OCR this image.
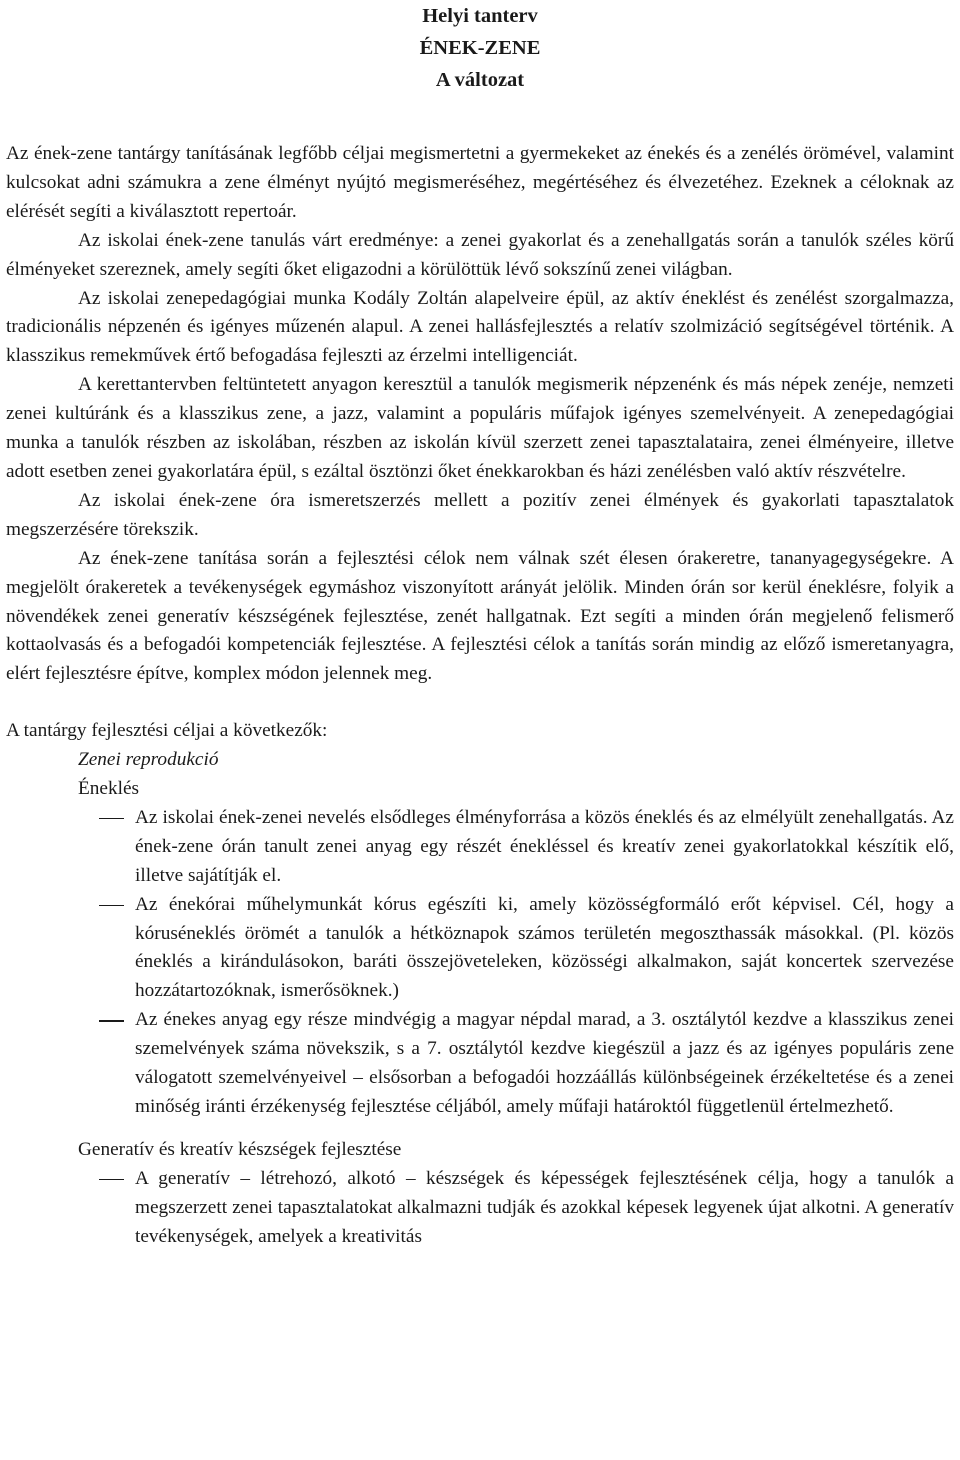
Helyi tanterv
ÉNEK-ZENE
A változat

Az ének-zene tantárgy tanításának legfőbb céljai megismertetni a gyermekeket az énekés és a zenélés örömével, valamint kulcsokat adni számukra a zene élményt nyújtó megismeréséhez, megértéséhez és élvezetéhez. Ezeknek a céloknak az elérését segíti a kiválasztott repertoár.

Az iskolai ének-zene tanulás várt eredménye: a zenei gyakorlat és a zenehallgatás során a tanulók széles körű élményeket szereznek, amely segíti őket eligazodni a körülöttük lévő sokszínű zenei világban.

Az iskolai zenepedagógiai munka Kodály Zoltán alapelveire épül, az aktív éneklést és zenélést szorgalmazza, tradicionális népzenén és igényes műzenén alapul. A zenei hallásfejlesztés a relatív szolmizáció segítségével történik. A klasszikus remekművek értő befogadása fejleszti az érzelmi intelligenciát.

A kerettantervben feltüntetett anyagon keresztül a tanulók megismerik népzenénk és más népek zenéje, nemzeti zenei kultúránk és a klasszikus zene, a jazz, valamint a populáris műfajok igényes szemelvényeit. A zenepedagógiai munka a tanulók részben az iskolában, részben az iskolán kívül szerzett zenei tapasztalataira, zenei élményeire, illetve adott esetben zenei gyakorlatára épül, s ezáltal ösztönzi őket énekkarokban és házi zenélésben való aktív részvételre.

Az iskolai ének-zene óra ismeretszerzés mellett a pozitív zenei élmények és gyakorlati tapasztalatok megszerzésére törekszik.

Az ének-zene tanítása során a fejlesztési célok nem válnak szét élesen órakeretre, tananyagegységekre. A megjelölt órakeretek a tevékenységek egymáshoz viszonyított arányát jelölik. Minden órán sor kerül éneklésre, folyik a növendékek zenei generatív készségének fejlesztése, zenét hallgatnak. Ezt segíti a minden órán megjelenő felismerő kottaolvasás és a befogadói kompetenciák fejlesztése. A fejlesztési célok a tanítás során mindig az előző ismeretanyagra, elért fejlesztésre építve, komplex módon jelennek meg.

A tantárgy fejlesztési céljai a következők:

Zenei reprodukció

Éneklés

Az iskolai ének-zenei nevelés elsődleges élményforrása a közös éneklés és az elmélyült zenehallgatás. Az ének-zene órán tanult zenei anyag egy részét énekléssel és kreatív zenei gyakorlatokkal készítik elő, illetve sajátítják el.
Az énekórai műhelymunkát kórus egészíti ki, amely közösségformáló erőt képvisel. Cél, hogy a kóruséneklés örömét a tanulók a hétköznapok számos területén megoszthassák másokkal. (Pl. közös éneklés a kirándulásokon, baráti összejöveteleken, közösségi alkalmakon, saját koncertek szervezése hozzátartozóknak, ismerősöknek.)
Az énekes anyag egy része mindvégig a magyar népdal marad, a 3. osztálytól kezdve a klasszikus zenei szemelvények száma növekszik, s a 7. osztálytól kezdve kiegészül a jazz és az igényes populáris zene válogatott szemelvényeivel – elsősorban a befogadói hozzáállás különbségeinek érzékeltetése és a zenei minőség iránti érzékenység fejlesztése céljából, amely műfaji határoktól függetlenül értelmezhető.

Generatív és kreatív készségek fejlesztése

A generatív – létrehozó, alkotó – készségek és képességek fejlesztésének célja, hogy a tanulók a megszerzett zenei tapasztalatokat alkalmazni tudják és azokkal képesek legyenek újat alkotni. A generatív tevékenységek, amelyek a kreativitás
